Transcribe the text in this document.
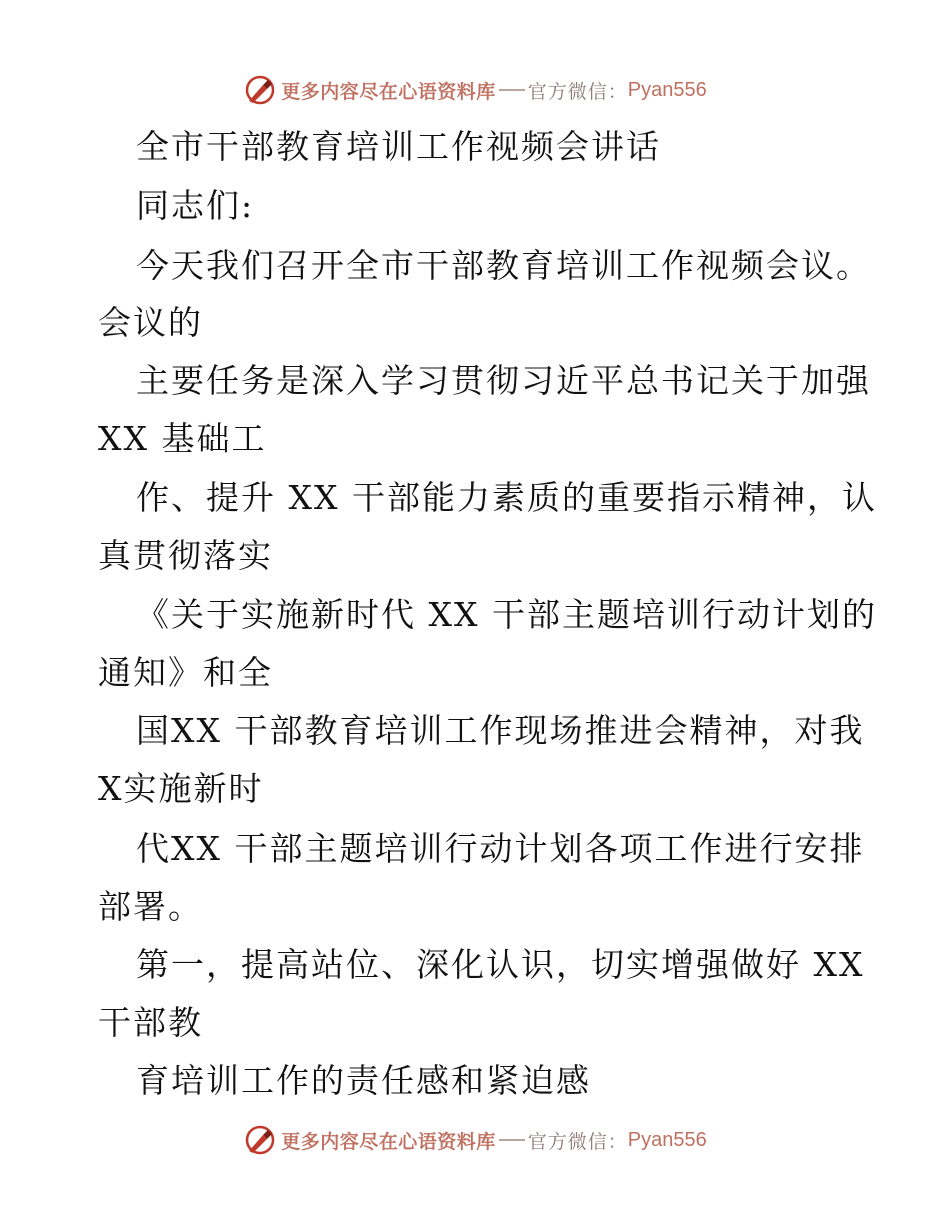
更多内容尽在心语资料库 官方微信： Pyan556

全市干部教育培训工作视频会讲话

同志们:

今天我们召开全市干部教育培训工作视频会议。

会议的

主要任务是深入学习贯彻习近平总书记关于加强

XX 基础工

作、提升 XX 干部能力素质的重要指示精神，认

真贯彻落实

《关于实施新时代 XX 干部主题培训行动计划的

通知》和全

国XX 干部教育培训工作现场推进会精神，对我

X实施新时

代XX 干部主题培训行动计划各项工作进行安排

部署。

第一，提高站位、深化认识，切实增强做好 XX

干部教

育培训工作的责任感和紧迫感

更多内容尽在心语资料库 官方微信： Pyan556
